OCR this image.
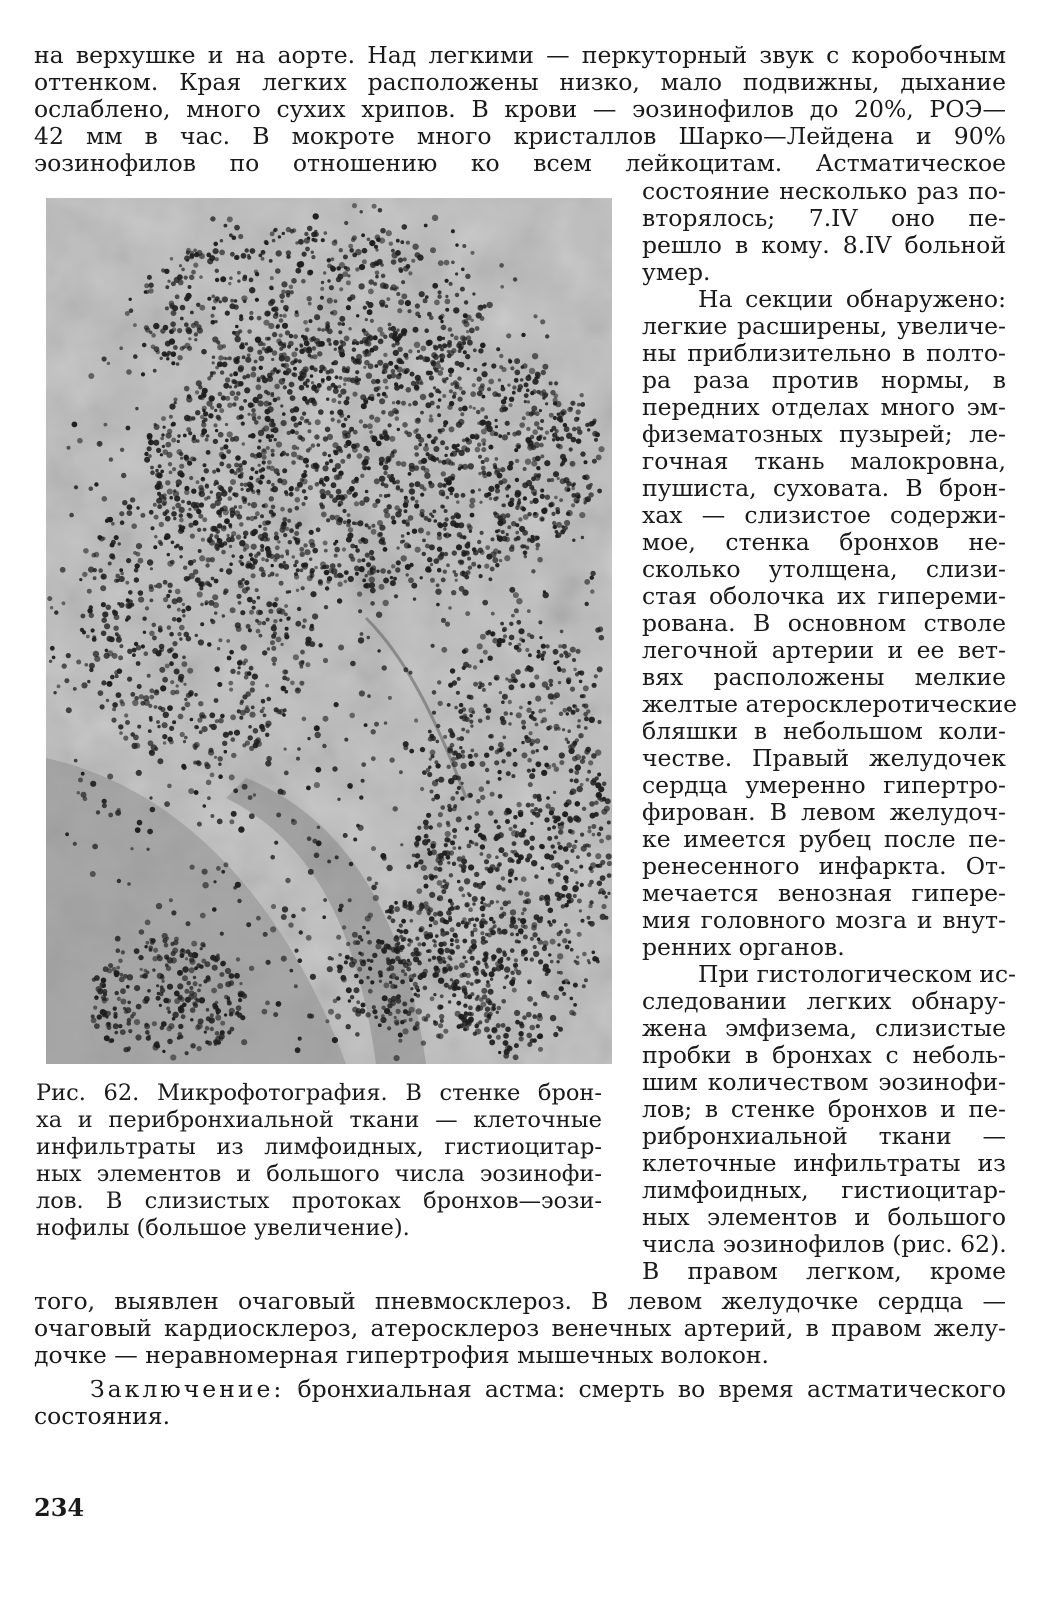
на верхушке и на аорте. Над легкими — перкуторный звук с коробочным
оттенком. Края легких расположены низко, мало подвижны, дыхание
ослаблено, много сухих хрипов. В крови — эозинофилов до 20%, РОЭ—
42 мм в час. В мокроте много кристаллов Шарко—Лейдена и 90%
эозинофилов по отношению ко всем лейкоцитам. Астматическое
состояние несколько раз по-
вторялось; 7.IV оно пе-
решло в кому. 8.IV больной
умер.
На секции обнаружено:
легкие расширены, увеличе-
ны приблизительно в полто-
ра раза против нормы, в
передних отделах много эм-
физематозных пузырей; ле-
гочная ткань малокровна,
пушиста, суховата. В брон-
хах — слизистое содержи-
мое, стенка бронхов не-
сколько утолщена, слизи-
стая оболочка их гипереми-
рована. В основном стволе
легочной артерии и ее вет-
вях расположены мелкие
желтые атеросклеротические
бляшки в небольшом коли-
честве. Правый желудочек
сердца умеренно гипертро-
фирован. В левом желудоч-
ке имеется рубец после пе-
ренесенного инфаркта. От-
мечается венозная гипере-
мия головного мозга и внут-
ренних органов.
При гистологическом ис-
следовании легких обнару-
жена эмфизема, слизистые
пробки в бронхах с неболь-
шим количеством эозинофи-
лов; в стенке бронхов и пе-
рибронхиальной ткани —
клеточные инфильтраты из
лимфоидных, гистиоцитар-
ных элементов и большого
числа эозинофилов (рис. 62).
В правом легком, кроме
Рис. 62. Микрофотография. В стенке брон-
ха и перибронхиальной ткани — клеточные
инфильтраты из лимфоидных, гистиоцитар-
ных элементов и большого числа эозинофи-
лов. В слизистых протоках бронхов—эози-
нофилы (большое увеличение).
того, выявлен очаговый пневмосклероз. В левом желудочке сердца —
очаговый кардиосклероз, атеросклероз венечных артерий, в правом желу-
дочке — неравномерная гипертрофия мышечных волокон.
Заключение: бронхиальная астма: смерть во время астматического
состояния.
234
